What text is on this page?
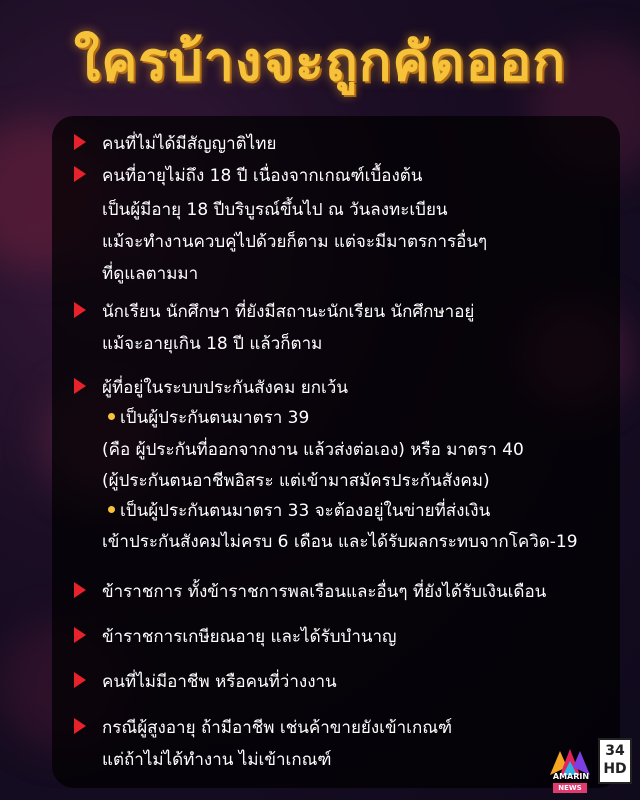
ใครบ้างจะถูกคัดออก
คนที่ไม่ได้มีสัญญาติไทย
คนที่อายุไม่ถึง 18 ปี เนื่องจากเกณฑ์เบื้องต้น
เป็นผู้มีอายุ 18 ปีบริบูรณ์ขึ้นไป ณ วันลงทะเบียน
แม้จะทำงานควบคู่ไปด้วยก็ตาม แต่จะมีมาตรการอื่นๆ
ที่ดูแลตามมา
นักเรียน นักศึกษา ที่ยังมีสถานะนักเรียน นักศึกษาอยู่
แม้จะอายุเกิน 18 ปี แล้วก็ตาม
ผู้ที่อยู่ในระบบประกันสังคม ยกเว้น
เป็นผู้ประกันตนมาตรา 39
(คือ ผู้ประกันที่ออกจากงาน แล้วส่งต่อเอง) หรือ มาตรา 40
(ผู้ประกันตนอาชีพอิสระ แต่เข้ามาสมัครประกันสังคม)
เป็นผู้ประกันตนมาตรา 33 จะต้องอยู่ในข่ายที่ส่งเงิน
เข้าประกันสังคมไม่ครบ 6 เดือน และได้รับผลกระทบจากโควิด-19
ข้าราชการ ทั้งข้าราชการพลเรือนและอื่นๆ ที่ยังได้รับเงินเดือน
ข้าราชการเกษียณอายุ และได้รับบำนาญ
คนที่ไม่มีอาชีพ หรือคนที่ว่างงาน
กรณีผู้สูงอายุ ถ้ามีอาชีพ เช่นค้าขายยังเข้าเกณฑ์
แต่ถ้าไม่ได้ทำงาน ไม่เข้าเกณฑ์
AMARIN
NEWS
34
HD
